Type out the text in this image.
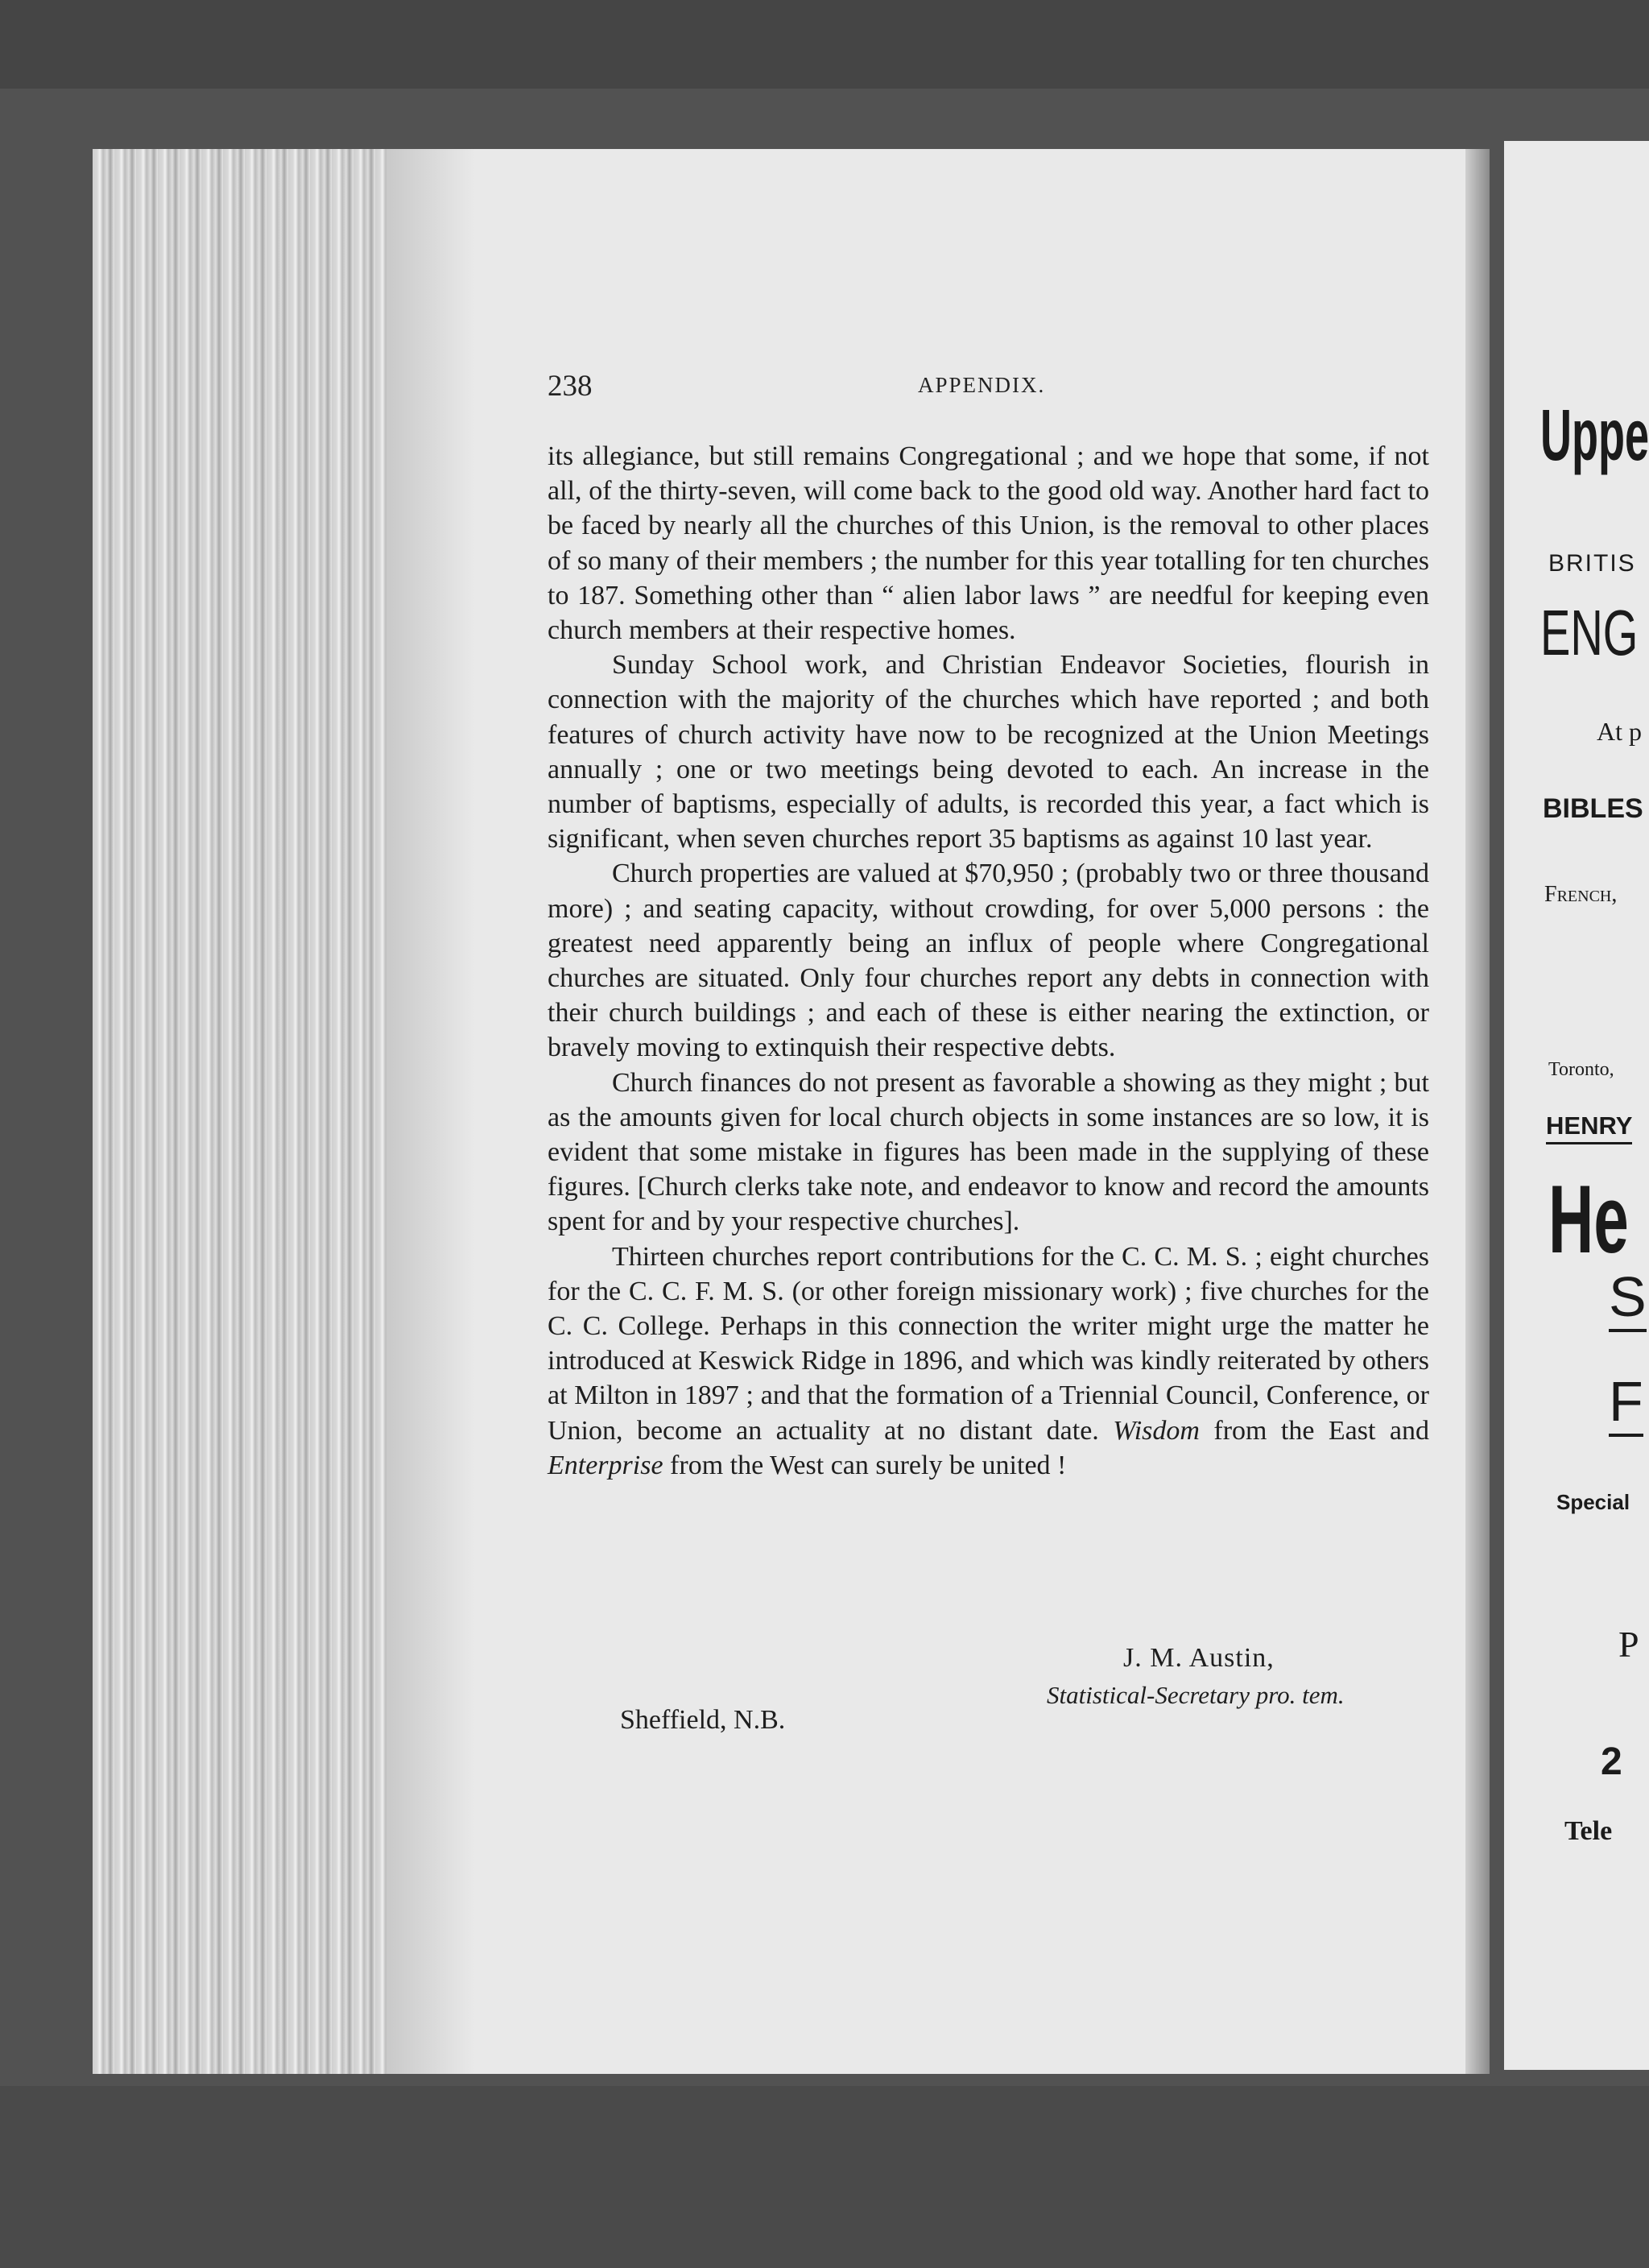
238	APPENDIX.

its allegiance, but still remains Congregational ; and we hope that some, if not all, of the thirty-seven, will come back to the good old way. Another hard fact to be faced by nearly all the churches of this Union, is the removal to other places of so many of their members ; the number for this year totalling for ten churches to 187. Something other than “ alien labor laws ” are needful for keeping even church members at their respective homes.

Sunday School work, and Christian Endeavor Societies, flourish in connection with the majority of the churches which have reported ; and both features of church activity have now to be recognized at the Union Meetings annually ; one or two meetings being devoted to each. An increase in the number of baptisms, especially of adults, is recorded this year, a fact which is significant, when seven churches report 35 baptisms as against 10 last year.

Church properties are valued at $70,950 ; (probably two or three thousand more) ; and seating capacity, without crowding, for over 5,000 persons : the greatest need apparently being an influx of people where Congregational churches are situated. Only four churches report any debts in connection with their church buildings ; and each of these is either nearing the extinction, or bravely moving to extinquish their respective debts.

Church finances do not present as favorable a showing as they might ; but as the amounts given for local church objects in some instances are so low, it is evident that some mistake in figures has been made in the supplying of these figures. [Church clerks take note, and endeavor to know and record the amounts spent for and by your respective churches].

Thirteen churches report contributions for the C. C. M. S. ; eight churches for the C. C. F. M. S. (or other foreign missionary work) ; five churches for the C. C. College. Perhaps in this connection the writer might urge the matter he introduced at Keswick Ridge in 1896, and which was kindly reiterated by others at Milton in 1897 ; and that the formation of a Triennial Council, Conference, or Union, become an actuality at no distant date. Wisdom from the East and Enterprise from the West can surely be united !

J. M. Austin,
Statistical-Secretary pro. tem.
Sheffield, N.B.
Uppe
BRITIS
ENG
At p
BIBLES
French,
Toronto,
HENRY
He
S
F
Special
P
2
Tele
